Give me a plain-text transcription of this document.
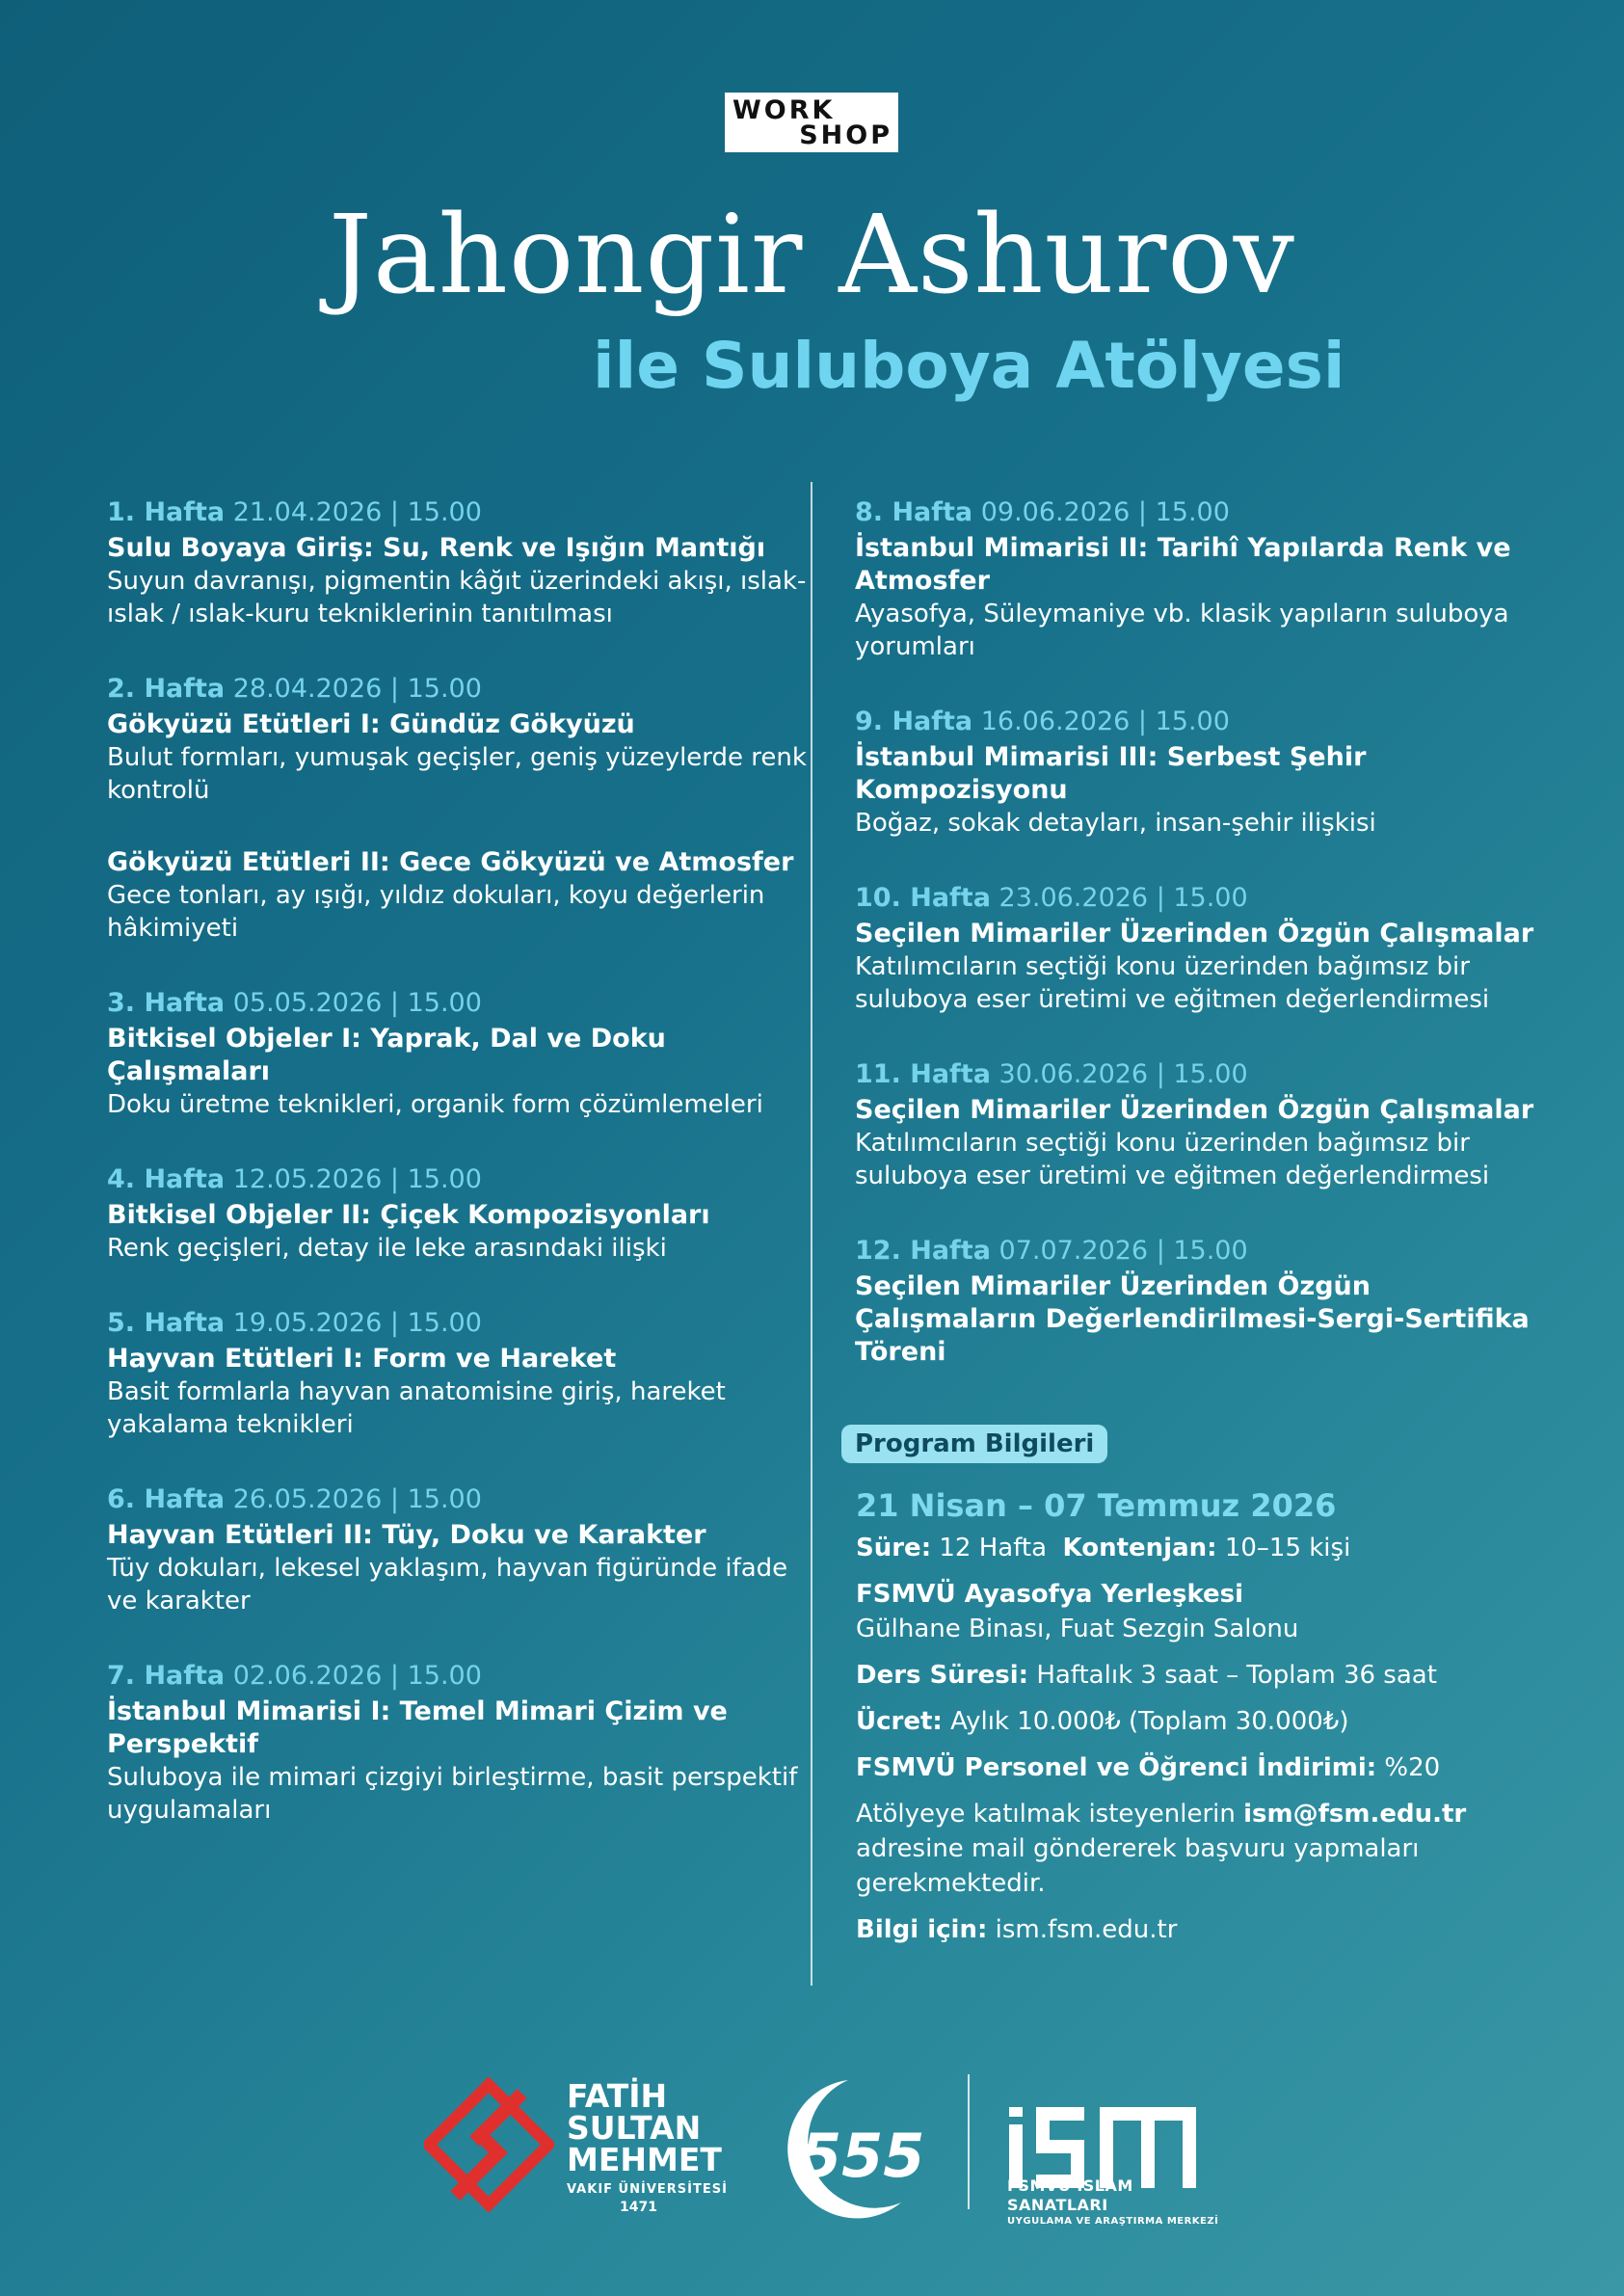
WORK
SHOP
Jahongir Ashurov
ile Suluboya Atölyesi
1. Hafta 21.04.2026 | 15.00
Sulu Boyaya Giriş: Su, Renk ve Işığın Mantığı
Suyun davranışı, pigmentin kâğıt üzerindeki akışı, ıslak-ıslak / ıslak-kuru tekniklerinin tanıtılması
2. Hafta 28.04.2026 | 15.00
Gökyüzü Etütleri I: Gündüz Gökyüzü
Bulut formları, yumuşak geçişler, geniş yüzeylerde renk kontrolü
Gökyüzü Etütleri II: Gece Gökyüzü ve Atmosfer
Gece tonları, ay ışığı, yıldız dokuları, koyu değerlerin hâkimiyeti
3. Hafta 05.05.2026 | 15.00
Bitkisel Objeler I: Yaprak, Dal ve Doku Çalışmaları
Doku üretme teknikleri, organik form çözümlemeleri
4. Hafta 12.05.2026 | 15.00
Bitkisel Objeler II: Çiçek Kompozisyonları
Renk geçişleri, detay ile leke arasındaki ilişki
5. Hafta 19.05.2026 | 15.00
Hayvan Etütleri I: Form ve Hareket
Basit formlarla hayvan anatomisine giriş, hareket yakalama teknikleri
6. Hafta 26.05.2026 | 15.00
Hayvan Etütleri II: Tüy, Doku ve Karakter
Tüy dokuları, lekesel yaklaşım, hayvan figüründe ifade ve karakter
7. Hafta 02.06.2026 | 15.00
İstanbul Mimarisi I: Temel Mimari Çizim ve Perspektif
Suluboya ile mimari çizgiyi birleştirme, basit perspektif uygulamaları
8. Hafta 09.06.2026 | 15.00
İstanbul Mimarisi II: Tarihî Yapılarda Renk ve Atmosfer
Ayasofya, Süleymaniye vb. klasik yapıların suluboya yorumları
9. Hafta 16.06.2026 | 15.00
İstanbul Mimarisi III: Serbest Şehir Kompozisyonu
Boğaz, sokak detayları, insan-şehir ilişkisi
10. Hafta 23.06.2026 | 15.00
Seçilen Mimariler Üzerinden Özgün Çalışmalar
Katılımcıların seçtiği konu üzerinden bağımsız bir suluboya eser üretimi ve eğitmen değerlendirmesi
11. Hafta 30.06.2026 | 15.00
Seçilen Mimariler Üzerinden Özgün Çalışmalar
Katılımcıların seçtiği konu üzerinden bağımsız bir suluboya eser üretimi ve eğitmen değerlendirmesi
12. Hafta 07.07.2026 | 15.00
Seçilen Mimariler Üzerinden Özgün Çalışmaların Değerlendirilmesi-Sergi-Sertifika Töreni
Program Bilgileri
21 Nisan – 07 Temmuz 2026
Süre: 12 Hafta Kontenjan: 10–15 kişi
FSMVÜ Ayasofya Yerleşkesi
Gülhane Binası, Fuat Sezgin Salonu
Ders Süresi: Haftalık 3 saat – Toplam 36 saat
Ücret: Aylık 10.000₺ (Toplam 30.000₺)
FSMVÜ Personel ve Öğrenci İndirimi: %20
Atölyeye katılmak isteyenlerin ism@fsm.edu.tr adresine mail göndererek başvuru yapmaları gerekmektedir.
Bilgi için: ism.fsm.edu.tr
FATİH
SULTAN
MEHMET
VAKIF ÜNİVERSİTESİ
1471
555	FSMVÜ İSLAM SANATLARI
UYGULAMA VE ARAŞTIRMA MERKEZİ
